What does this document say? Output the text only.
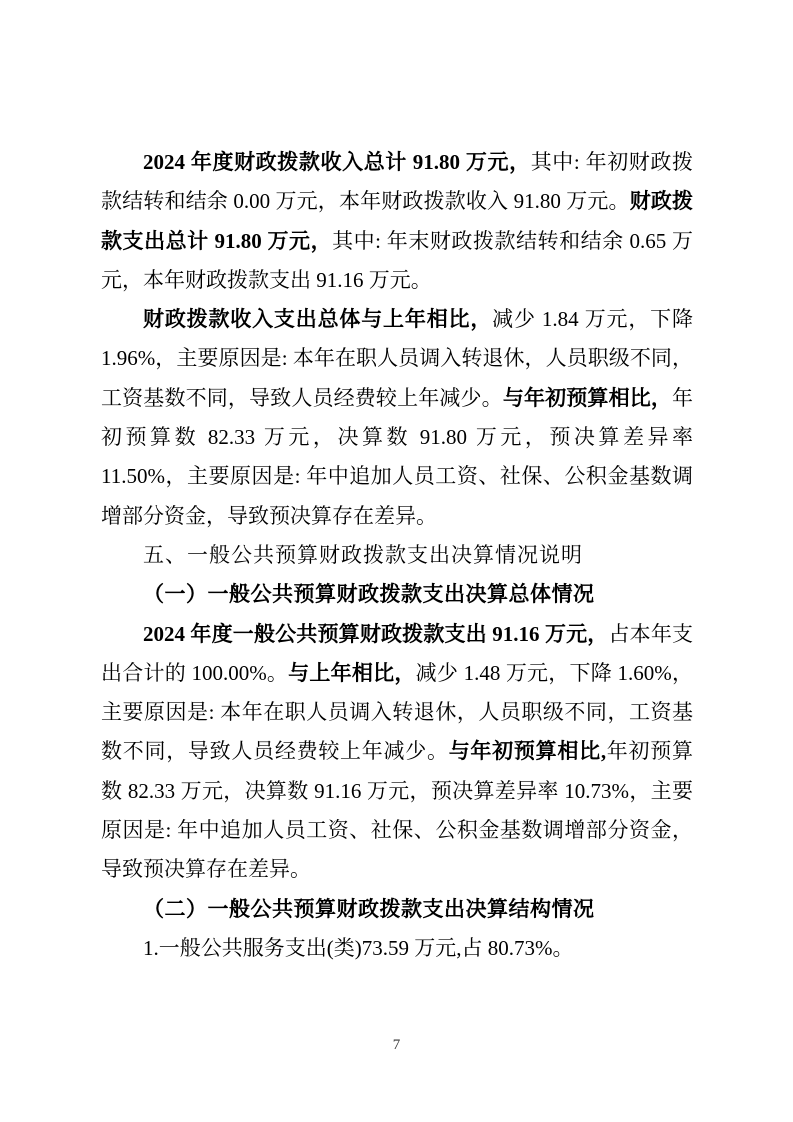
2024 年度财政拨款收入总计 91.80 万元，其中: 年初财政拨款结转和结余 0.00 万元，本年财政拨款收入 91.80 万元。财政拨款支出总计 91.80 万元，其中: 年末财政拨款结转和结余 0.65 万元，本年财政拨款支出 91.16 万元。

财政拨款收入支出总体与上年相比，减少 1.84 万元，下降 1.96%，主要原因是: 本年在职人员调入转退休，人员职级不同，工资基数不同，导致人员经费较上年减少。与年初预算相比，年初预算数 82.33 万元，决算数 91.80 万元，预决算差异率 11.50%，主要原因是: 年中追加人员工资、社保、公积金基数调增部分资金，导致预决算存在差异。

五、一般公共预算财政拨款支出决算情况说明

（一）一般公共预算财政拨款支出决算总体情况

2024 年度一般公共预算财政拨款支出 91.16 万元，占本年支出合计的 100.00%。与上年相比，减少 1.48 万元，下降 1.60%，主要原因是: 本年在职人员调入转退休，人员职级不同，工资基数不同，导致人员经费较上年减少。与年初预算相比,年初预算数 82.33 万元，决算数 91.16 万元，预决算差异率 10.73%，主要原因是: 年中追加人员工资、社保、公积金基数调增部分资金，导致预决算存在差异。

（二）一般公共预算财政拨款支出决算结构情况

1.一般公共服务支出(类)73.59 万元,占 80.73%。

7
